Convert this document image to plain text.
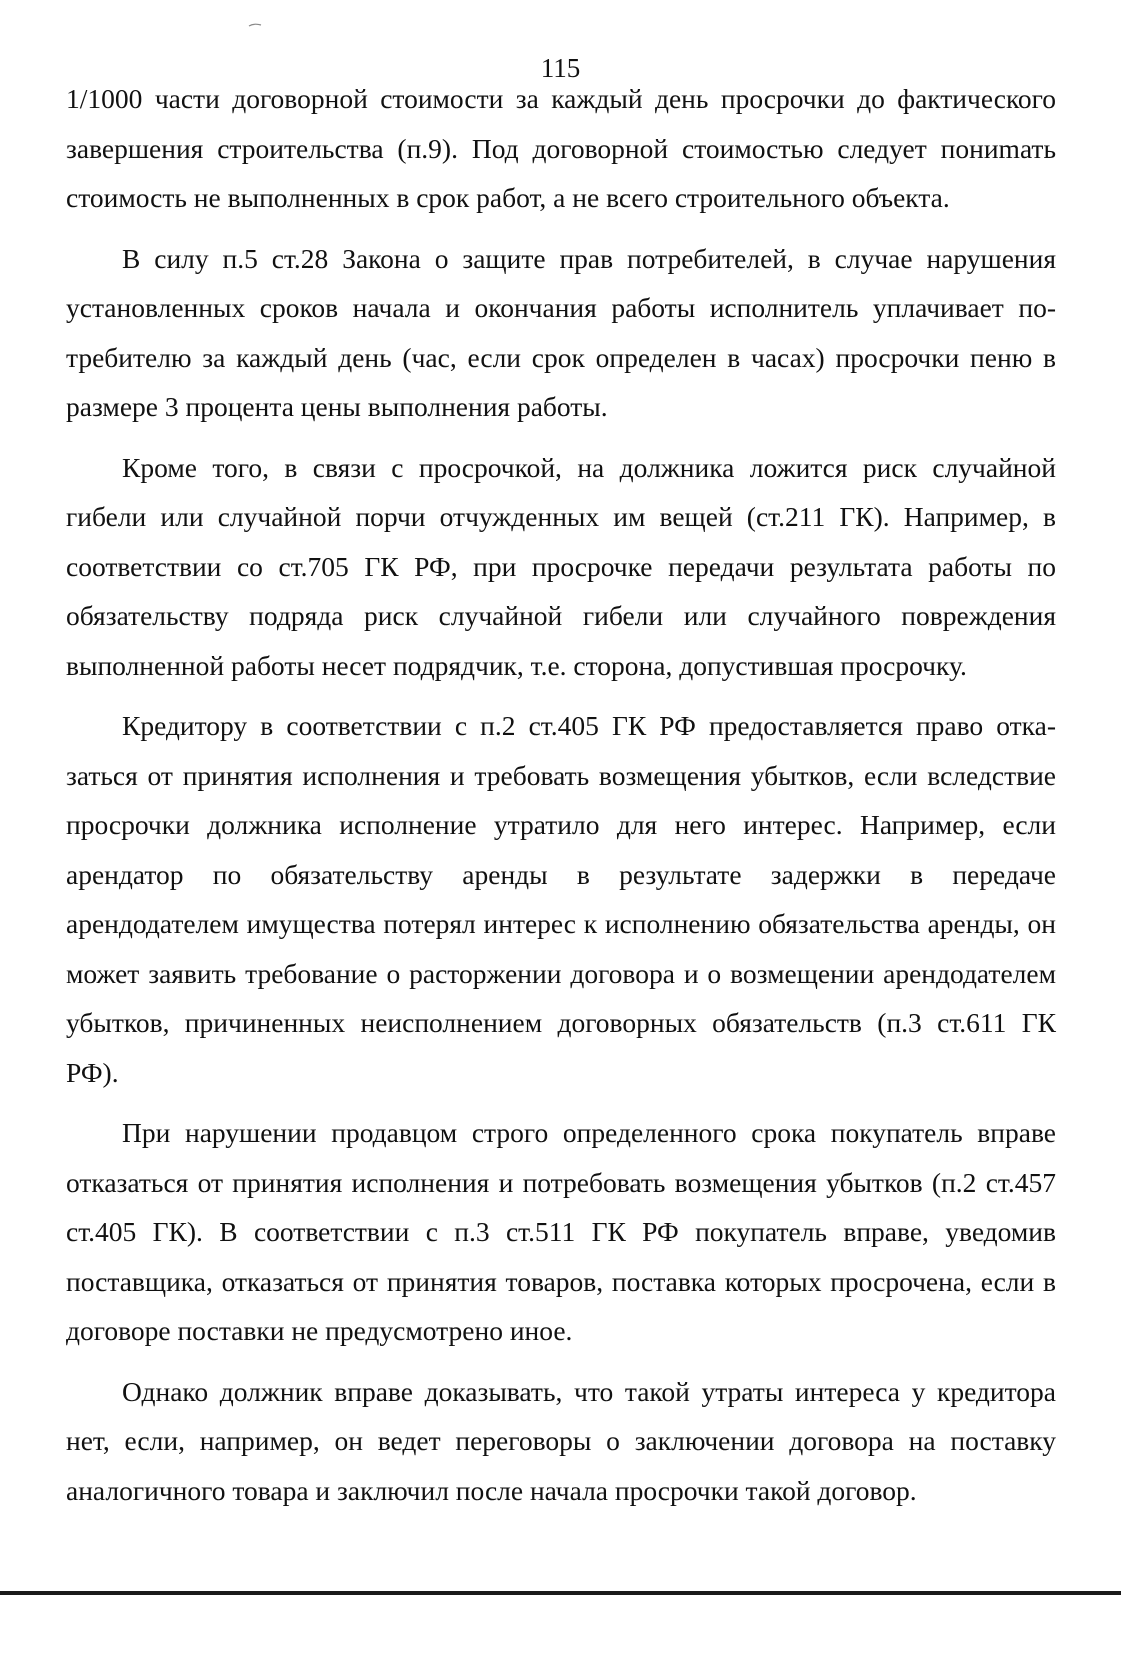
115

1/1000 части договорной стоимости за каждый день просрочки до фактического завершения строительства (п.9). Под договорной стоимостью следует пониmать стоимость не выполненных в срок работ, а не всего строительного объекта.

В силу п.5 ст.28 Закона о защите прав потребителей, в случае нарушения установленных сроков начала и окончания работы исполнитель уплачивает потребителю за каждый день (час, если срок определен в часах) просрочки пеню в размере 3 процента цены выполнения работы.

Кроме того, в связи с просрочкой, на должника ложится риск случайной гибели или случайной порчи отчужденных им вещей (ст.211 ГК). Например, в соответствии со ст.705 ГК РФ, при просрочке передачи результата работы по обязательству подряда риск случайной гибели или случайного повреждения выполненной работы несет подрядчик, т.е. сторона, допустившая просрочку.

Кредитору в соответствии с п.2 ст.405 ГК РФ предоставляется право отказаться от принятия исполнения и требовать возмещения убытков, если вследствие просрочки должника исполнение утратило для него интерес. Например, если арендатор по обязательству аренды в результате задержки в передаче арендодателем имущества потерял интерес к исполнению обязательства аренды, он может заявить требование о расторжении договора и о возмещении арендодателем убытков, причиненных неисполнением договорных обязательств (п.3 ст.611 ГК РФ).

При нарушении продавцом строго определенного срока покупатель вправе отказаться от принятия исполнения и потребовать возмещения убытков (п.2 ст.457 ст.405 ГК). В соответствии с п.3 ст.511 ГК РФ покупатель вправе, уведомив поставщика, отказаться от принятия товаров, поставка которых просрочена, если в договоре поставки не предусмотрено иное.

Однако должник вправе доказывать, что такой утраты интереса у кредитора нет, если, например, он ведет переговоры о заключении договора на поставку аналогичного товара и заключил после начала просрочки такой договор.
